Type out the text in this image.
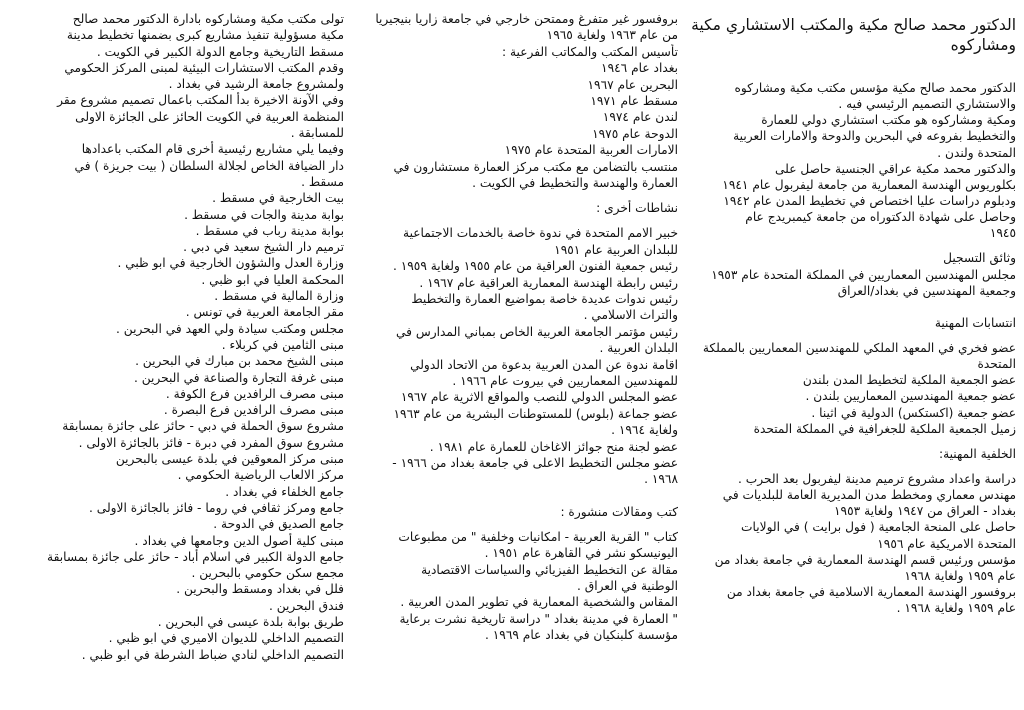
الدكتور محمد صالح مكية والمكتب الاستشاري مكية
ومشاركوه
الدكتور محمد صالح مكية مؤسس مكتب مكية ومشاركوه
والاستشاري التصميم الرئيسي فيه .
ومكية ومشاركوه هو مكتب استشاري دولي للعمارة
والتخطيط بفروعه في البحرين والدوحة والامارات العربية
المتحدة ولندن .
والدكتور محمد مكية عراقي الجنسية حاصل على
بكلوريوس الهندسة المعمارية من جامعة ليفربول عام ١٩٤١
ودبلوم دراسات عليا اختصاص في تخطيط المدن عام ١٩٤٢
وحاصل على شهادة الدكتوراه من جامعة كيمبريدج عام
١٩٤٥
وثائق التسجيل
مجلس المهندسين المعماريين في المملكة المتحدة عام ١٩٥٣
وجمعية المهندسين في بغداد/العراق
انتسابات المهنية
عضو فخري في المعهد الملكي للمهندسين المعماريين بالمملكة
المتحدة
عضو الجمعية الملكية لتخطيط المدن بلندن
عضو جمعية المهندسين المعماريين بلندن .
عضو جمعية (اكستكس) الدولية في اثينا .
زميل الجمعية الملكية للجغرافية في المملكة المتحدة
الخلفية المهنية:
دراسة واعداد مشروع ترميم مدينة ليفربول بعد الحرب .
مهندس معماري ومخطط مدن المديرية العامة للبلديات في
بغداد - العراق من ١٩٤٧ ولغاية ١٩٥٣
حاصل على المنحة الجامعية ( فول برايت ) في الولايات
المتحدة الامريكية عام ١٩٥٦
مؤسس ورئيس قسم الهندسة المعمارية في جامعة بغداد من
عام ١٩٥٩ ولغاية ١٩٦٨
بروفسور الهندسة المعمارية الاسلامية في جامعة بغداد من
عام ١٩٥٩ ولغاية ١٩٦٨ .
بروفسور غير متفرغ وممتحن خارجي في جامعة زاريا بنيجيريا
من عام ١٩٦٣ ولغاية ١٩٦٥
تأسيس المكتب والمكاتب الفرعية :
بغداد عام ١٩٤٦
البحرين عام ١٩٦٧
مسقط عام ١٩٧١
لندن عام ١٩٧٤
الدوحة عام ١٩٧٥
الامارات العربية المتحدة عام ١٩٧٥
منتسب بالتضامن مع مكتب مركز العمارة مستشارون في
العمارة والهندسة والتخطيط في الكويت .
نشاطات أخرى :
خبير الامم المتحدة في ندوة خاصة بالخدمات الاجتماعية
للبلدان العربية عام ١٩٥١
رئيس جمعية الفنون العراقية من عام ١٩٥٥ ولغاية ١٩٥٩ .
رئيس رابطة الهندسة المعمارية العراقية عام ١٩٦٧ .
رئيس ندوات عديدة خاصة بمواضيع العمارة والتخطيط
والتراث الاسلامي .
رئيس مؤتمر الجامعة العربية الخاص بمباني المدارس في
البلدان العربية .
اقامة ندوة عن المدن العربية بدعوة من الاتحاد الدولي
للمهندسين المعماريين في بيروت عام ١٩٦٦ .
عضو المجلس الدولي للنصب والمواقع الاثرية عام ١٩٦٧
عضو جماعة (بلوس) للمستوطنات البشرية من عام ١٩٦٣
ولغاية ١٩٦٤ .
عضو لجنة منح جوائز الاغاخان للعمارة عام ١٩٨١ .
عضو مجلس التخطيط الاعلى في جامعة بغداد من ١٩٦٦ -
١٩٦٨ .
كتب ومقالات منشورة :
كتاب " القرية العربية - امكانيات وخلفية " من مطبوعات
اليونيسكو نشر في القاهرة عام ١٩٥١ .
مقالة عن التخطيط الفيزيائي والسياسات الاقتصادية
الوطنية في العراق .
المقاس والشخصية المعمارية في تطوير المدن العربية .
" العمارة في مدينة بغداد " دراسة تاريخية نشرت برعاية
مؤسسة كلبنكيان في بغداد عام ١٩٦٩ .
تولى مكتب مكية ومشاركوه بادارة الدكتور محمد صالح
مكية مسؤولية تنفيذ مشاريع كبرى بضمنها تخطيط مدينة
مسقط التاريخية وجامع الدولة الكبير في الكويت .
وقدم المكتب الاستشارات البيئية لمبنى المركز الحكومي
ولمشروع جامعة الرشيد في بغداد .
وفي الآونة الاخيرة بدأ المكتب باعمال تصميم مشروع مقر
المنظمة العربية في الكويت الحائز على الجائزة الاولى
للمسابقة .
وفيما يلي مشاريع رئيسية أخرى قام المكتب باعدادها
دار الضيافة الخاص لجلالة السلطان ( بيت جريزة ) في
مسقط .
بيت الخارجية في مسقط .
بوابة مدينة والجات في مسقط .
بوابة مدينة رباب في مسقط .
ترميم دار الشيخ سعيد في دبي .
وزارة العدل والشؤون الخارجية في ابو ظبي .
المحكمة العليا في ابو ظبي .
وزارة المالية في مسقط .
مقر الجامعة العربية في تونس .
مجلس ومكتب سيادة ولي العهد في البحرين .
مبنى الثامين في كربلاء .
مبنى الشيخ محمد بن مبارك في البحرين .
مبنى غرفة التجارة والصناعة في البحرين .
مبنى مصرف الرافدين فرع الكوفة .
مبنى مصرف الرافدين فرع البصرة .
مشروع سوق الحملة في دبي - حائز على جائزة بمسابقة
مشروع سوق المفرد في دبرة - فائز بالجائزة الاولى .
مبنى مركز المعوقين في بلدة عيسى بالبحرين
مركز الالعاب الرياضية الحكومي .
جامع الخلفاء في بغداد .
جامع ومركز ثقافي في روما - فائز بالجائزة الاولى .
جامع الصديق في الدوحة .
مبنى كلية أصول الدين وجامعها في بغداد .
جامع الدولة الكبير في اسلام أباد - حائز على جائزة بمسابقة
مجمع سكن حكومي بالبحرين .
فلل في بغداد ومسقط والبحرين .
فندق البحرين .
طريق بوابة بلدة عيسى في البحرين .
التصميم الداخلي للديوان الاميري في ابو ظبي .
التصميم الداخلي لنادي ضباط الشرطة في ابو ظبي .
